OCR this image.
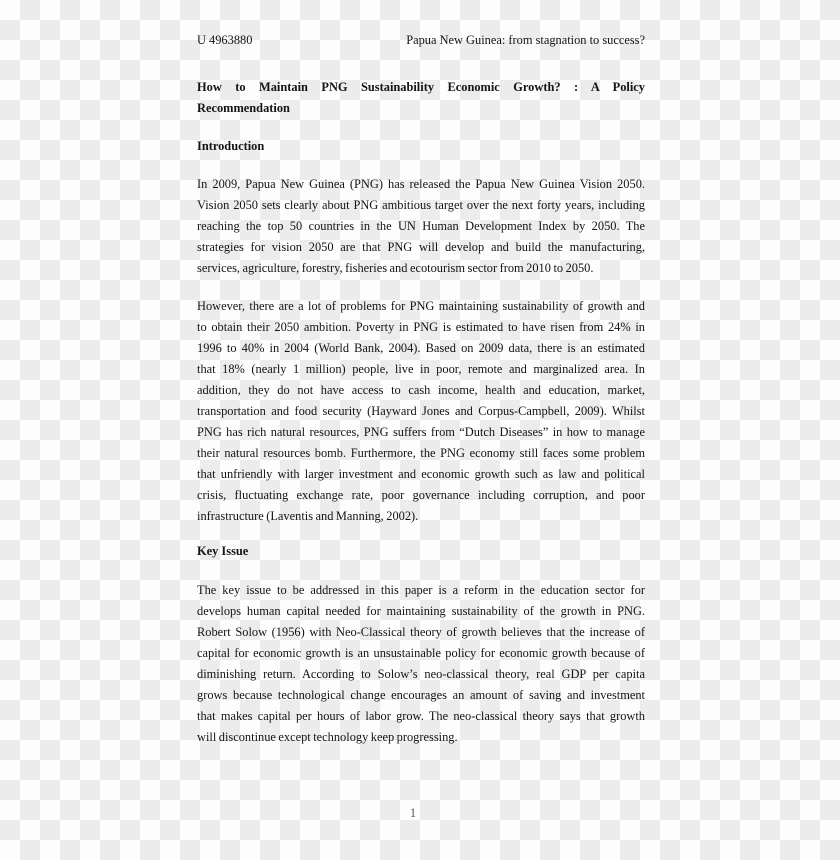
U 4963880	Papua New Guinea: from stagnation to success?
How to Maintain PNG Sustainability Economic Growth? : A Policy
Recommendation
Introduction
In 2009, Papua New Guinea (PNG) has released the Papua New Guinea Vision 2050.
Vision 2050 sets clearly about PNG ambitious target over the next forty years, including
reaching the top 50 countries in the UN Human Development Index by 2050. The
strategies for vision 2050 are that PNG will develop and build the manufacturing,
services, agriculture, forestry, fisheries and ecotourism sector from 2010 to 2050.
However, there are a lot of problems for PNG maintaining sustainability of growth and
to obtain their 2050 ambition. Poverty in PNG is estimated to have risen from 24% in
1996 to 40% in 2004 (World Bank, 2004). Based on 2009 data, there is an estimated
that 18% (nearly 1 million) people, live in poor, remote and marginalized area. In
addition, they do not have access to cash income, health and education, market,
transportation and food security (Hayward Jones and Corpus-Campbell, 2009). Whilst
PNG has rich natural resources, PNG suffers from “Dutch Diseases” in how to manage
their natural resources bomb. Furthermore, the PNG economy still faces some problem
that unfriendly with larger investment and economic growth such as law and political
crisis, fluctuating exchange rate, poor governance including corruption, and poor
infrastructure (Laventis and Manning, 2002).
Key Issue
The key issue to be addressed in this paper is a reform in the education sector for
develops human capital needed for maintaining sustainability of the growth in PNG.
Robert Solow (1956) with Neo-Classical theory of growth believes that the increase of
capital for economic growth is an unsustainable policy for economic growth because of
diminishing return. According to Solow’s neo-classical theory, real GDP per capita
grows because technological change encourages an amount of saving and investment
that makes capital per hours of labor grow. The neo-classical theory says that growth
will discontinue except technology keep progressing.
1
